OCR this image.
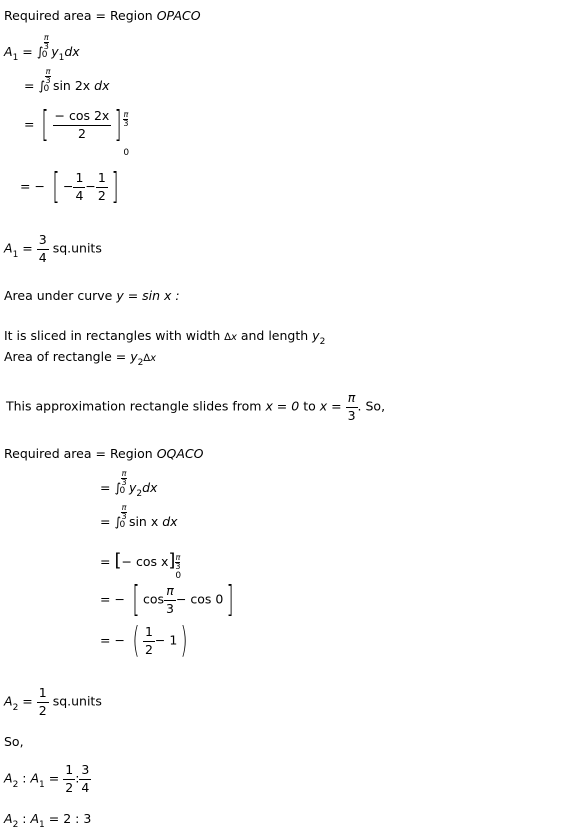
Required area = Region OPACO
$A_1$ = ∫
π
3
0 $y_1dx$
= ∫
π
3
0 sin 2x dx
= [ $\frac{- \cos 2x}{2}$ ] π
3
0
= − [ − $\frac{1}{4} - \frac{1}{2}$ ]
$A_1 = \frac{3}{4}$ sq.units
Area under curve y = sin x :
It is sliced in rectangles with width ∆x and length $y_2$
Area of rectangle = $y_2\Delta x$
This approximation rectangle slides from x = 0 to $x = \frac{\pi}{3}$ . So,
Required area = Region OQACO
= ∫
π
3
0 $y_2dx$
= ∫
π
3
0 sin x dx
= [− cos x] π
3
0
= − [ $\cos \frac{\pi}{3} - \cos 0$]
= − ( $\frac{1}{2} - 1$)
$A_2 = \frac{1}{2}$ sq.units
So,
$A_2$ : $A_1 = \frac{1}{2}$ : $\frac{3}{4}$
$A_2$ : $A_1 = 2$ : 3
